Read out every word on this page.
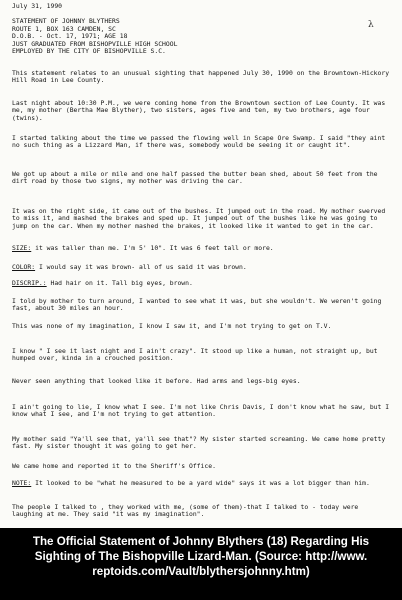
July 31, 1990

λ

STATEMENT OF JOHNNY BLYTHERS

ROUTE 1, BOX 163 CAMDEN, SC

D.O.B. - Oct. 17, 1971; AGE 18

JUST GRADUATED FROM BISHOPVILLE HIGH SCHOOL

EMPLOYED BY THE CITY OF BISHOPVILLE S.C.

This statement relates to an unusual sighting that happened July 30, 1990 on the Browntown-Hickory Hill Road in Lee County.

Last night about 10:30 P.M., we were coming home from the Browntown section of Lee County. It was me, my mother (Bertha Mae Blyther), two sisters, ages five and ten, my two brothers, age four (twins).

I started talking about the time we passed the flowing well in Scape Ore Swamp. I said "they aint no such thing as a Lizzard Man, if there was, somebody would be seeing it or caught it".

We got up about a mile or mile and one half passed the butter bean shed, about 50 feet from the dirt road by those two signs, my mother was driving the car.

It was on the right side, it came out of the bushes. It jumped out in the road. My mother swerved to miss it, and mashed the brakes and sped up. It jumped out of the bushes like he was going to jump on the car. When my mother mashed the brakes, it looked like it wanted to get in the car.

SIZE: it was taller than me. I'm 5' 10". It was 6 feet tall or more.

COLOR: I would say it was brown- all of us said it was brown.

DISCRIP.: Had hair on it. Tall big eyes, brown.

I told by mother to turn around, I wanted to see what it was, but she wouldn't. We weren't going fast, about 30 miles an hour.

This was none of my imagination, I know I saw it, and I'm not trying to get on T.V.

I know " I see it last night and I ain't crazy". It stood up like a human, not straight up, but humped over, kinda in a crouched position.

Never seen anything that looked like it before. Had arms and legs-big eyes.

I ain't going to lie, I know what I see. I'm not like Chris Davis, I don't know what he saw, but I know what I see, and I'm not trying to get attention.

My mother said "Ya'll see that, ya'll see that"? My sister started screaming. We came home pretty fast. My sister thought it was going to get her.

We came home and reported it to the Sheriff's Office.

NOTE: It looked to be "what he measured to be a yard wide" says it was a lot bigger than him.

The people I talked to , they worked with me, (some of them)-that I talked to - today were laughing at me. They said "it was my imagination".

The Official Statement of Johnny Blythers (18) Regarding His
Sighting of The Bishopville Lizard-Man. (Source: http://www.
reptoids.com/Vault/blythersjohnny.htm)
